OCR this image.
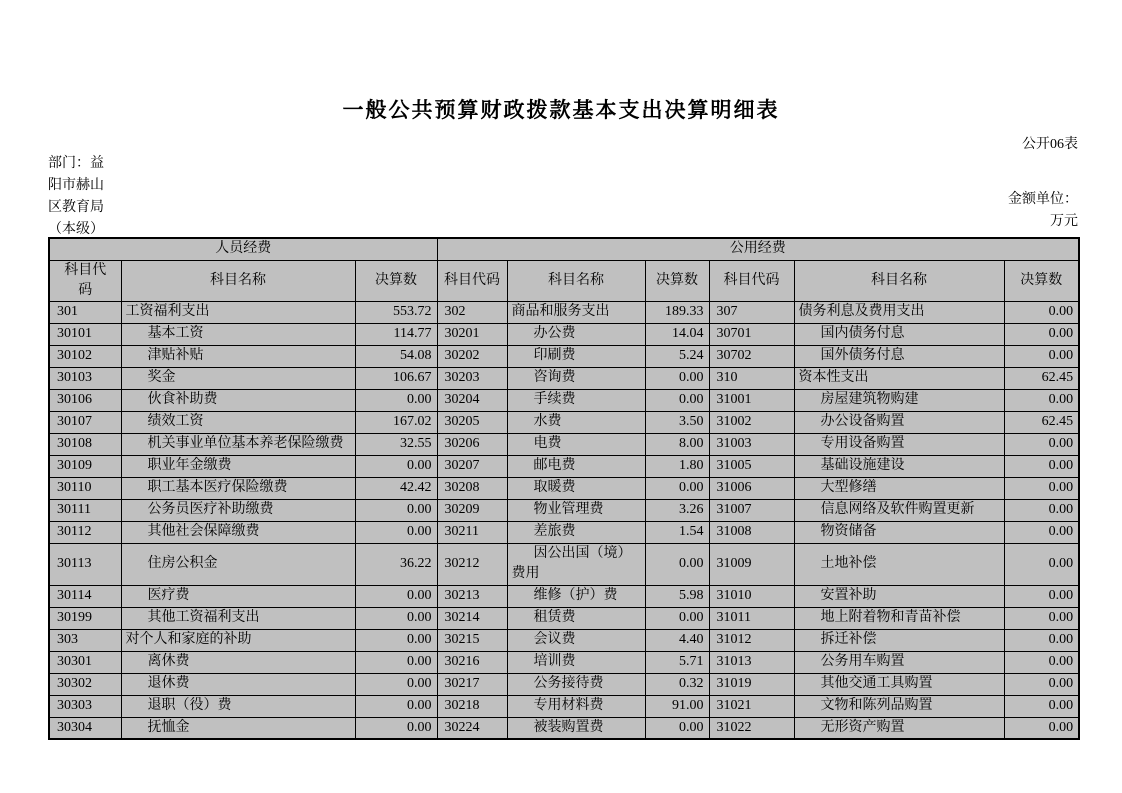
一般公共预算财政拨款基本支出决算明细表
公开06表
部门：益
阳市赫山
区教育局
（本级）
金额单位：
万元
人员经费			公用经费					
科目代码	科目名称	决算数	科目代码	科目名称	决算数	科目代码	科目名称	决算数
301	工资福利支出	553.72	302	商品和服务支出	189.33	307	债务利息及费用支出	0.00
30101	基本工资	114.77	30201	办公费	14.04	30701	国内债务付息	0.00
30102	津贴补贴	54.08	30202	印刷费	5.24	30702	国外债务付息	0.00
30103	奖金	106.67	30203	咨询费	0.00	310	资本性支出	62.45
30106	伙食补助费	0.00	30204	手续费	0.00	31001	房屋建筑物购建	0.00
30107	绩效工资	167.02	30205	水费	3.50	31002	办公设备购置	62.45
30108	机关事业单位基本养老保险缴费	32.55	30206	电费	8.00	31003	专用设备购置	0.00
30109	职业年金缴费	0.00	30207	邮电费	1.80	31005	基础设施建设	0.00
30110	职工基本医疗保险缴费	42.42	30208	取暖费	0.00	31006	大型修缮	0.00
30111	公务员医疗补助缴费	0.00	30209	物业管理费	3.26	31007	信息网络及软件购置更新	0.00
30112	其他社会保障缴费	0.00	30211	差旅费	1.54	31008	物资储备	0.00
30113	住房公积金	36.22	30212	因公出国（境）费用	0.00	31009	土地补偿	0.00
30114	医疗费	0.00	30213	维修（护）费	5.98	31010	安置补助	0.00
30199	其他工资福利支出	0.00	30214	租赁费	0.00	31011	地上附着物和青苗补偿	0.00
303	对个人和家庭的补助	0.00	30215	会议费	4.40	31012	拆迁补偿	0.00
30301	离休费	0.00	30216	培训费	5.71	31013	公务用车购置	0.00
30302	退休费	0.00	30217	公务接待费	0.32	31019	其他交通工具购置	0.00
30303	退职（役）费	0.00	30218	专用材料费	91.00	31021	文物和陈列品购置	0.00
30304	抚恤金	0.00	30224	被装购置费	0.00	31022	无形资产购置	0.00
